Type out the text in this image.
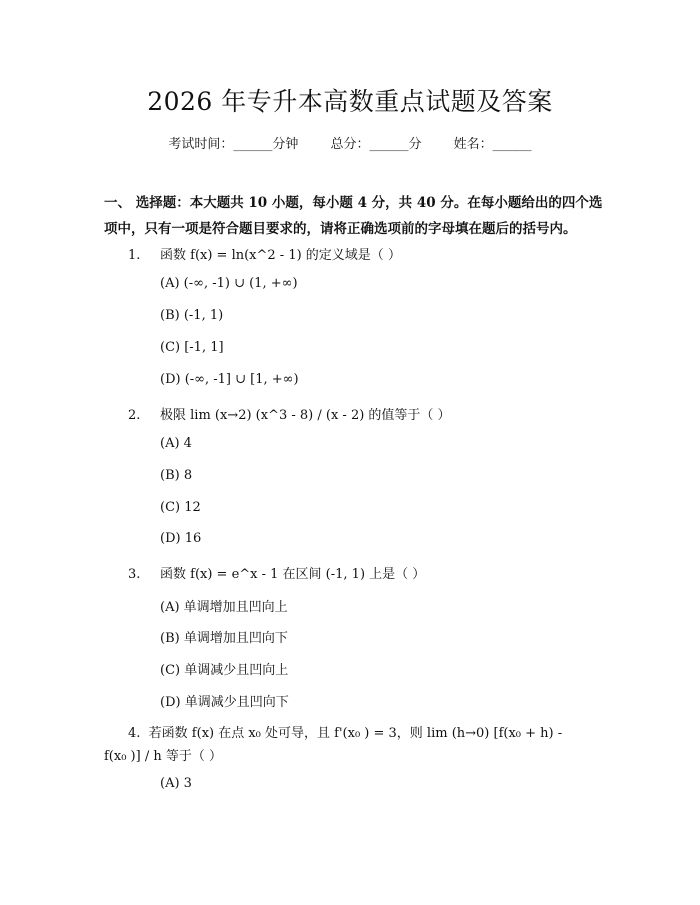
2026 年专升本高数重点试题及答案
考试时间：______分钟 总分：______分 姓名：______
一、 选择题：本大题共 10 小题，每小题 4 分，共 40 分。在每小题给出的四个选项中，只有一项是符合题目要求的，请将正确选项前的字母填在题后的括号内。
1. 函数 f(x) = ln(x^2 - 1) 的定义域是（ ）
(A) (-∞, -1) ∪ (1, +∞)
(B) (-1, 1)
(C) [-1, 1]
(D) (-∞, -1] ∪ [1, +∞)
2. 极限 lim (x→2) (x^3 - 8) / (x - 2) 的值等于（ ）
(A) 4
(B) 8
(C) 12
(D) 16
3. 函数 f(x) = e^x - 1 在区间 (-1, 1) 上是（ ）
(A) 单调增加且凹向上
(B) 单调增加且凹向下
(C) 单调减少且凹向上
(D) 单调减少且凹向下
4. 若函数 f(x) 在点 x₀ 处可导，且 f'(x₀ ) = 3，则 lim (h→0) [f(x₀ + h) - f(x₀ )] / h 等于（ ）
(A) 3
